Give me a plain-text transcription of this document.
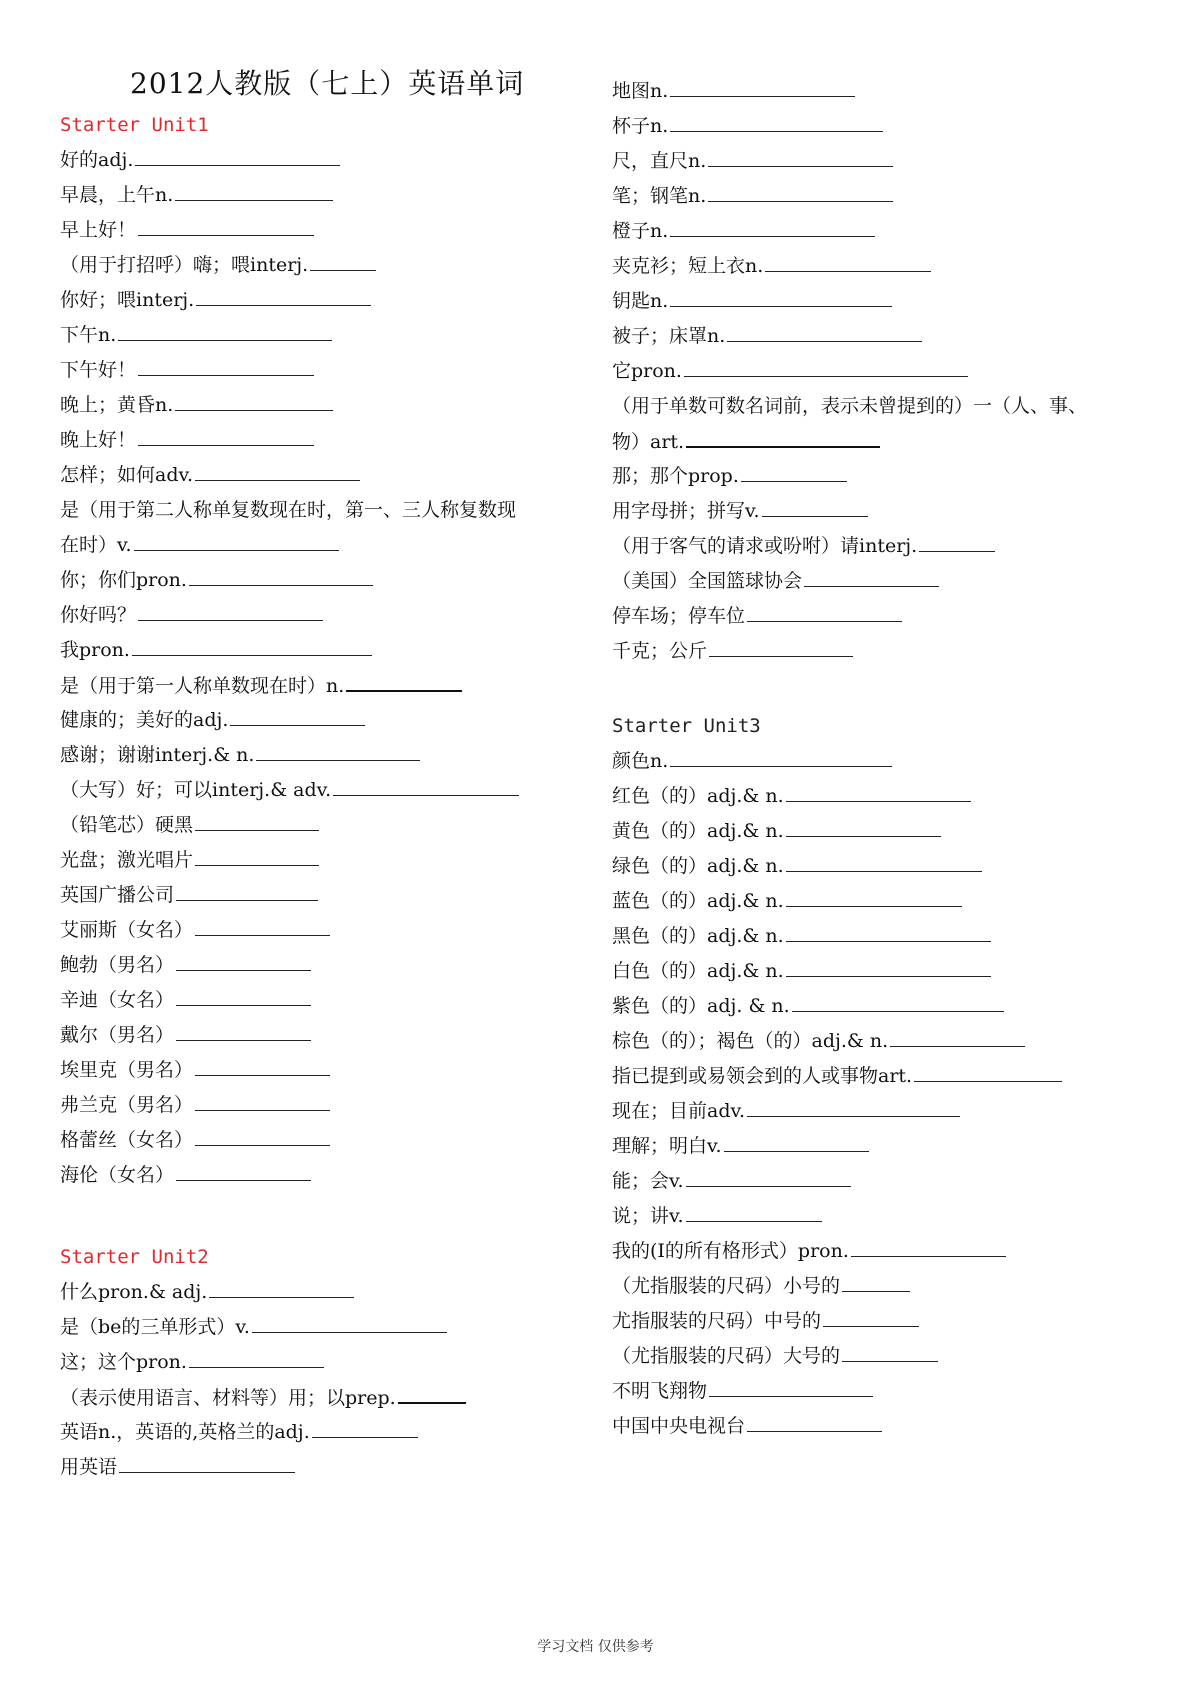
2012人教版（七上）英语单词
Starter Unit1
好的adj.
早晨，上午n.
早上好！
（用于打招呼）嗨；喂interj.
你好；喂interj.
下午n.
下午好！
晚上；黄昏n.
晚上好！
怎样；如何adv.
是（用于第二人称单复数现在时，第一、三人称复数现
在时）v.
你；你们pron.
你好吗？
我pron.
是（用于第一人称单数现在时）n.
健康的；美好的adj.
感谢；谢谢interj.& n.
（大写）好；可以interj.& adv.
（铅笔芯）硬黑
光盘；激光唱片
英国广播公司
艾丽斯（女名）
鲍勃（男名）
辛迪（女名）
戴尔（男名）
埃里克（男名）
弗兰克（男名）
格蕾丝（女名）
海伦（女名）
Starter Unit2
什么pron.& adj.
是（be的三单形式）v.
这；这个pron.
（表示使用语言、材料等）用；以prep.
英语n.，英语的,英格兰的adj.
用英语
地图n.
杯子n.
尺，直尺n.
笔；钢笔n.
橙子n.
夹克衫；短上衣n.
钥匙n.
被子；床罩n.
它pron.
（用于单数可数名词前，表示未曾提到的）一（人、事、
物）art.
那；那个prop.
用字母拼；拼写v.
（用于客气的请求或吩咐）请interj.
（美国）全国篮球协会
停车场；停车位
千克；公斤
Starter Unit3
颜色n.
红色（的）adj.& n.
黄色（的）adj.& n.
绿色（的）adj.& n.
蓝色（的）adj.& n.
黑色（的）adj.& n.
白色（的）adj.& n.
紫色（的）adj. & n.
棕色（的）；褐色（的）adj.& n.
指已提到或易领会到的人或事物art.
现在；目前adv.
理解；明白v.
能；会v.
说；讲v.
我的(I的所有格形式）pron.
（尤指服装的尺码）小号的
尤指服装的尺码）中号的
（尤指服装的尺码）大号的
不明飞翔物
中国中央电视台
学习文档 仅供参考
